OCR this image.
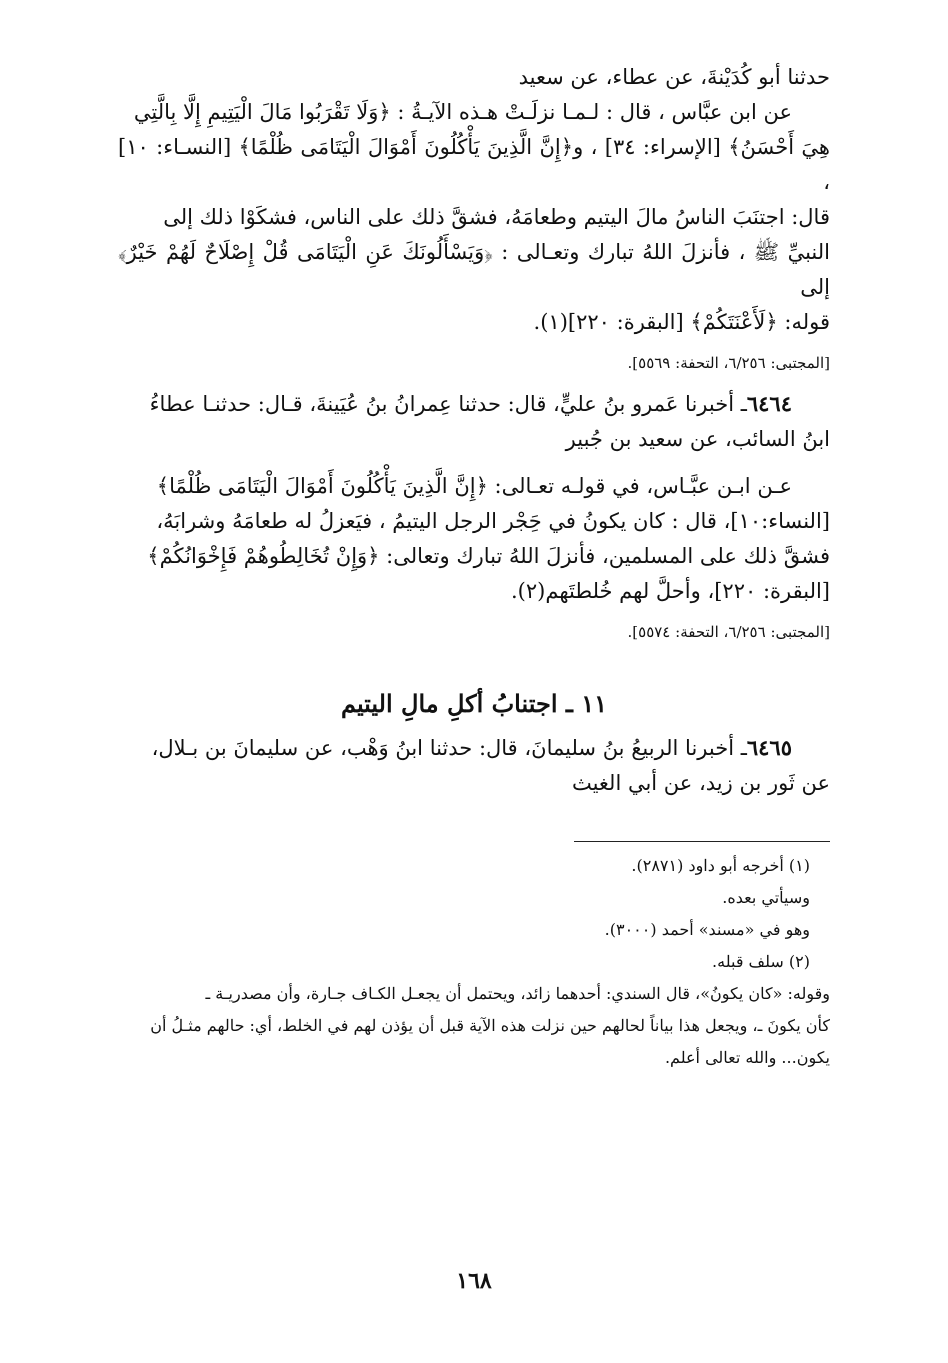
حدثنا أبو كُدَيْنةَ، عن عطاء، عن سعيد

عن ابن عبَّاس ، قال : لـمـا نزلَـتْ هـذه الآيـةُ : ﴿وَلَا تَقْرَبُوا مَالَ الْيَتِيمِ إِلَّا بِالَّتِي

هِيَ أَحْسَنُ﴾ [الإسراء: ٣٤] ، و﴿إِنَّ الَّذِينَ يَأْكُلُونَ أَمْوَالَ الْيَتَامَى ظُلْمًا﴾ [النسـاء: ١٠] ،

قال: اجتنَبَ الناسُ مالَ اليتيم وطعامَهُ، فشقَّ ذلك على الناس، فشكَوْا ذلك إلى

النبيِّ ﷺ ، فأنزلَ اللهُ تبارك وتعـالى : ﴿وَيَسْأَلُونَكَ عَنِ الْيَتَامَى قُلْ إِصْلَاحٌ لَهُمْ خَيْرٌ﴾ إلى

قوله: ﴿لَأَعْنَتَكُمْ﴾ [البقرة: ٢٢٠](١).

[المجتبى: ٦/٢٥٦، التحفة: ٥٥٦٩].

٦٤٦٤ـ أخبرنا عَمرو بنُ عليٍّ، قال: حدثنا عِمرانُ بنُ عُيَينةَ، قـال: حدثنـا عطاءُ

ابنُ السائب، عن سعيد بن جُبير

عـن ابـن عبَّـاس، في قولـه تعـالى: ﴿إِنَّ الَّذِينَ يَأْكُلُونَ أَمْوَالَ الْيَتَامَى ظُلْمًا﴾

[النساء:١٠]، قال : كان يكونُ في حَِجْر الرجل اليتيمُ ، فيَعزلُ له طعامَهُ وشرابَهُ،

فشقَّ ذلك على المسلمين، فأنزلَ اللهُ تبارك وتعالى: ﴿وَإِنْ تُخَالِطُوهُمْ فَإِخْوَانُكُمْ﴾

[البقرة: ٢٢٠]، وأحلَّ لهم خُلطتَهم(٢).

[المجتبى: ٦/٢٥٦، التحفة: ٥٥٧٤].

١١ ـ اجتنابُ أكلِ مالِ اليتيم

٦٤٦٥ـ أخبرنا الربيعُ بنُ سليمانَ، قال: حدثنا ابنُ وَهْب، عن سليمانَ بن بـلال،

عن ثَور بن زيد، عن أبي الغيث

(١) أخرجه أبو داود (٢٨٧١).

وسيأتي بعده.

وهو في «مسند» أحمد (٣٠٠٠).

(٢) سلف قبله.

وقوله: «كان يكونُ»، قال السندي: أحدهما زائد، ويحتمل أن يجعـل الكـاف جـارة، وأن مصدريـة ـ

كأن يكونَ ـ، ويجعل هذا بياناً لحالهم حين نزلت هذه الآية قبل أن يؤذن لهم في الخلط، أي: حالهم مثـلُ أن

يكون... والله تعالى أعلم.

١٦٨
